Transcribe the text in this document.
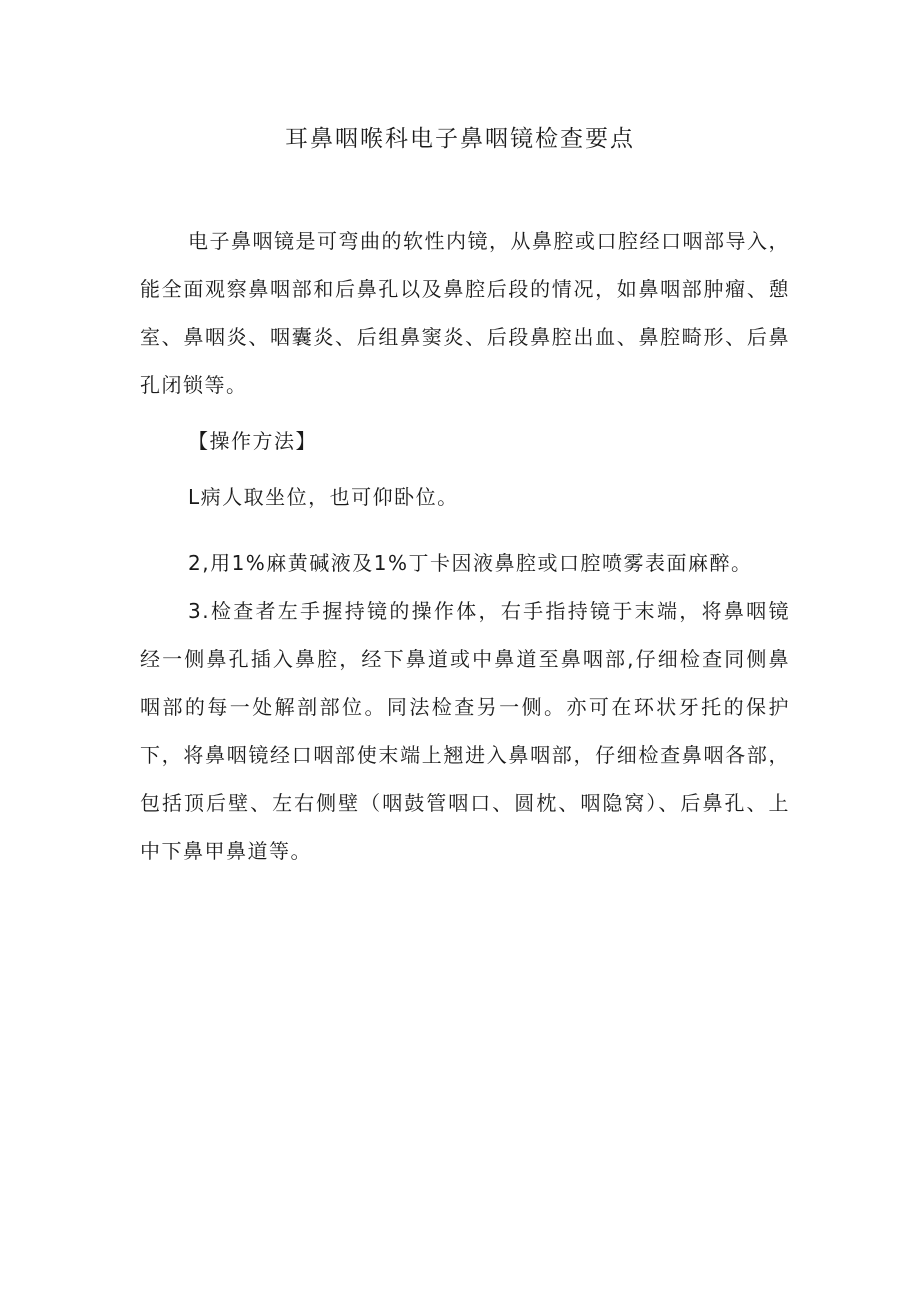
耳鼻咽喉科电子鼻咽镜检查要点

电子鼻咽镜是可弯曲的软性内镜，从鼻腔或口腔经口咽部导入，能全面观察鼻咽部和后鼻孔以及鼻腔后段的情况，如鼻咽部肿瘤、憩室、鼻咽炎、咽囊炎、后组鼻窦炎、后段鼻腔出血、鼻腔畸形、后鼻孔闭锁等。

【操作方法】

L病人取坐位，也可仰卧位。

2,用1%麻黄碱液及1%丁卡因液鼻腔或口腔喷雾表面麻醉。

3.检查者左手握持镜的操作体，右手指持镜于末端，将鼻咽镜经一侧鼻孔插入鼻腔，经下鼻道或中鼻道至鼻咽部,仔细检查同侧鼻咽部的每一处解剖部位。同法检查另一侧。亦可在环状牙托的保护下，将鼻咽镜经口咽部使末端上翘进入鼻咽部，仔细检查鼻咽各部，包括顶后壁、左右侧壁（咽鼓管咽口、圆枕、咽隐窝）、后鼻孔、上中下鼻甲鼻道等。
